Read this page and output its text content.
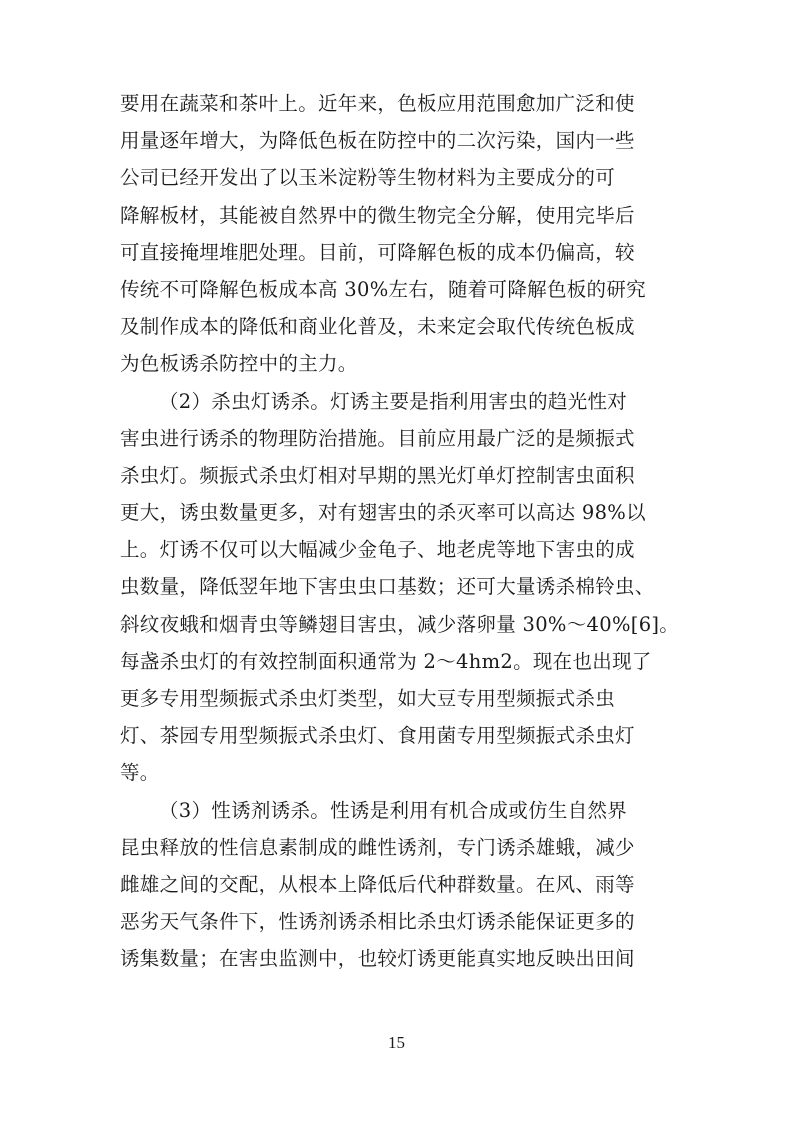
要用在蔬菜和茶叶上。近年来，色板应用范围愈加广泛和使
用量逐年增大，为降低色板在防控中的二次污染，国内一些
公司已经开发出了以玉米淀粉等生物材料为主要成分的可
降解板材，其能被自然界中的微生物完全分解，使用完毕后
可直接掩埋堆肥处理。目前，可降解色板的成本仍偏高，较
传统不可降解色板成本高 30%左右，随着可降解色板的研究
及制作成本的降低和商业化普及，未来定会取代传统色板成
为色板诱杀防控中的主力。
（2）杀虫灯诱杀。灯诱主要是指利用害虫的趋光性对
害虫进行诱杀的物理防治措施。目前应用最广泛的是频振式
杀虫灯。频振式杀虫灯相对早期的黑光灯单灯控制害虫面积
更大，诱虫数量更多，对有翅害虫的杀灭率可以高达 98%以
上。灯诱不仅可以大幅减少金龟子、地老虎等地下害虫的成
虫数量，降低翌年地下害虫虫口基数；还可大量诱杀棉铃虫、
斜纹夜蛾和烟青虫等鳞翅目害虫，减少落卵量 30%～40%[6]。
每盏杀虫灯的有效控制面积通常为 2～4hm2。现在也出现了
更多专用型频振式杀虫灯类型，如大豆专用型频振式杀虫
灯、茶园专用型频振式杀虫灯、食用菌专用型频振式杀虫灯
等。
（3）性诱剂诱杀。性诱是利用有机合成或仿生自然界
昆虫释放的性信息素制成的雌性诱剂，专门诱杀雄蛾，减少
雌雄之间的交配，从根本上降低后代种群数量。在风、雨等
恶劣天气条件下，性诱剂诱杀相比杀虫灯诱杀能保证更多的
诱集数量；在害虫监测中，也较灯诱更能真实地反映出田间
15
